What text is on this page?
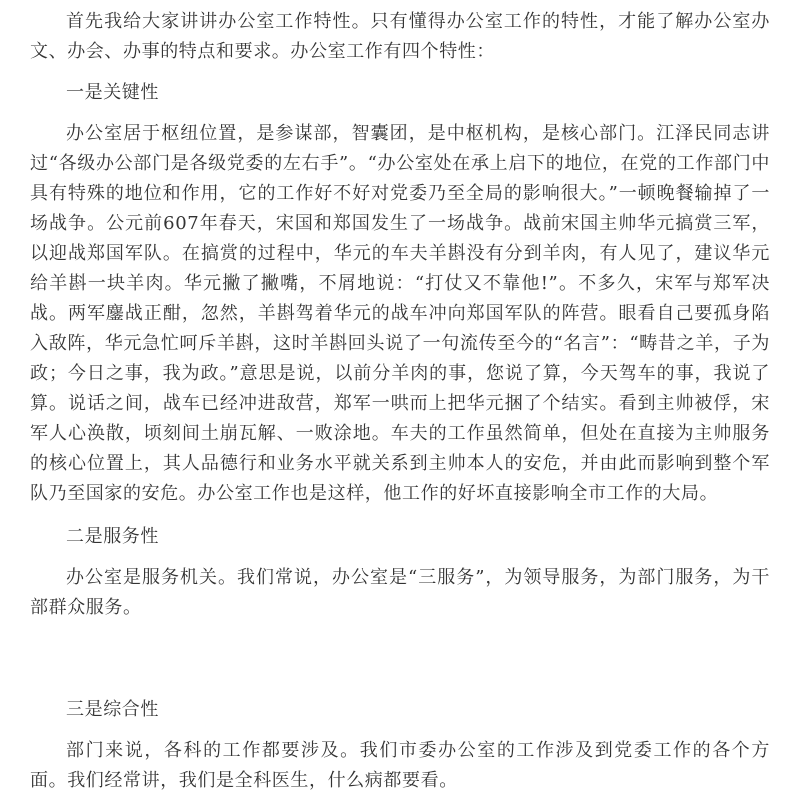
首先我给大家讲讲办公室工作特性。只有懂得办公室工作的特性，才能了解办公室办文、办会、办事的特点和要求。办公室工作有四个特性：

一是关键性

办公室居于枢纽位置，是参谋部，智囊团，是中枢机构，是核心部门。江泽民同志讲过“各级办公部门是各级党委的左右手”。“办公室处在承上启下的地位，在党的工作部门中具有特殊的地位和作用，它的工作好不好对党委乃至全局的影响很大。”一顿晚餐输掉了一场战争。公元前607年春天，宋国和郑国发生了一场战争。战前宋国主帅华元搞赏三军，以迎战郑国军队。在搞赏的过程中，华元的车夫羊斟没有分到羊肉，有人见了，建议华元给羊斟一块羊肉。华元撇了撇嘴，不屑地说：“打仗又不靠他!”。不多久，宋军与郑军决战。两军鏖战正酣，忽然，羊斟驾着华元的战车冲向郑国军队的阵营。眼看自己要孤身陷入敌阵，华元急忙呵斥羊斟，这时羊斟回头说了一句流传至今的“名言”：“畴昔之羊，子为政；今日之事，我为政。”意思是说，以前分羊肉的事，您说了算，今天驾车的事，我说了算。说话之间，战车已经冲进敌营，郑军一哄而上把华元捆了个结实。看到主帅被俘，宋军人心涣散，顷刻间土崩瓦解、一败涂地。车夫的工作虽然简单，但处在直接为主帅服务的核心位置上，其人品德行和业务水平就关系到主帅本人的安危，并由此而影响到整个军队乃至国家的安危。办公室工作也是这样，他工作的好坏直接影响全市工作的大局。

二是服务性

办公室是服务机关。我们常说，办公室是“三服务”，为领导服务，为部门服务，为干部群众服务。

三是综合性

部门来说，各科的工作都要涉及。我们市委办公室的工作涉及到党委工作的各个方面。我们经常讲，我们是全科医生，什么病都要看。
